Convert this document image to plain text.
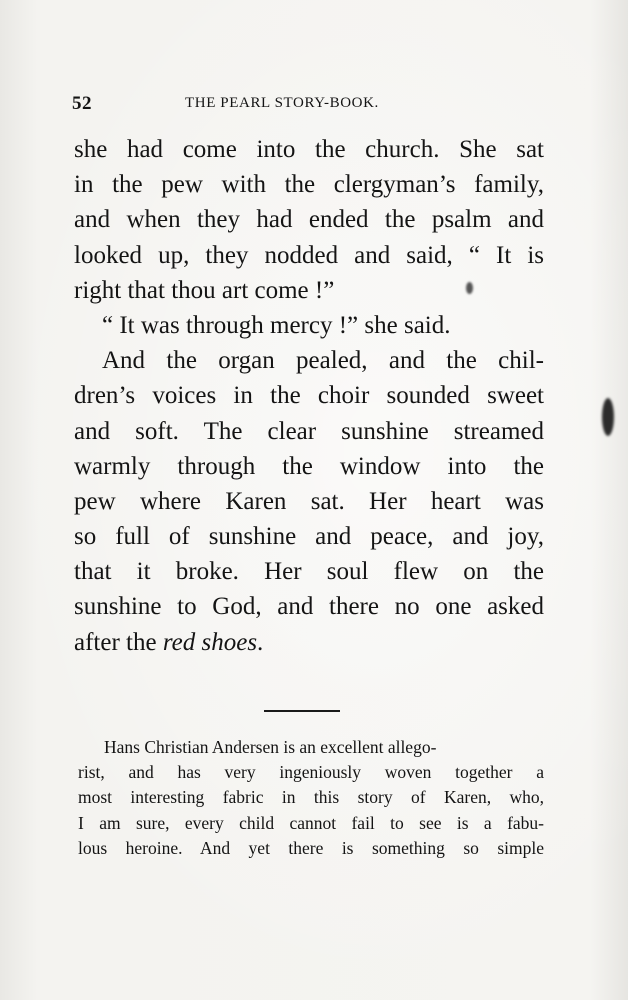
52	THE PEARL STORY-BOOK.
she had come into the church. She sat
in the pew with the clergyman’s family,
and when they had ended the psalm and
looked up, they nodded and said, “ It is
right that thou art come !”
“ It was through mercy !” she said.
And the organ pealed, and the chil-
dren’s voices in the choir sounded sweet
and soft. The clear sunshine streamed
warmly through the window into the
pew where Karen sat. Her heart was
so full of sunshine and peace, and joy,
that it broke. Her soul flew on the
sunshine to God, and there no one asked
after the red shoes.
Hans Christian Andersen is an excellent allego-
rist, and has very ingeniously woven together a
most interesting fabric in this story of Karen, who,
I am sure, every child cannot fail to see is a fabu-
lous heroine. And yet there is something so simple
